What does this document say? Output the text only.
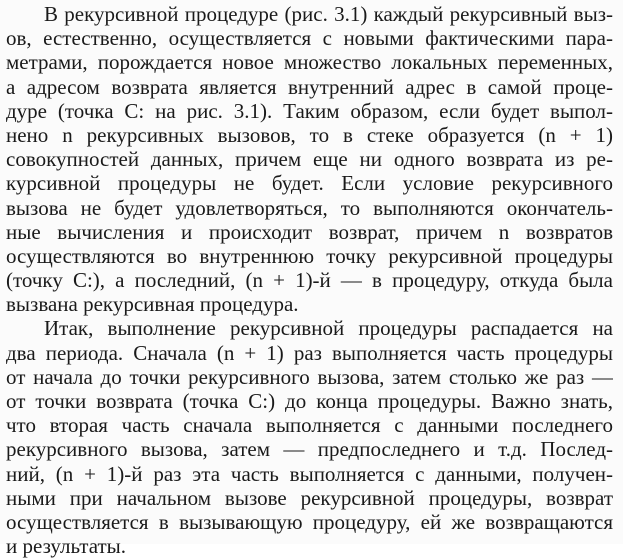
В рекурсивной процедуре (рис. 3.1) каждый рекурсивный выз-
ов, естественно, осуществляется с новыми фактическими пара-
метрами, порождается новое множество локальных переменных,
а адресом возврата является внутренний адрес в самой проце-
дуре (точка C: на рис. 3.1). Таким образом, если будет выпол-
нено n рекурсивных вызовов, то в стеке образуется (n + 1)
совокупностей данных, причем еще ни одного возврата из ре-
курсивной процедуры не будет. Если условие рекурсивного
вызова не будет удовлетворяться, то выполняются окончатель-
ные вычисления и происходит возврат, причем n возвратов
осуществляются во внутреннюю точку рекурсивной процедуры
(точку C:), а последний, (n + 1)-й — в процедуру, откуда была
вызвана рекурсивная процедура.
Итак, выполнение рекурсивной процедуры распадается на
два периода. Сначала (n + 1) раз выполняется часть процедуры
от начала до точки рекурсивного вызова, затем столько же раз —
от точки возврата (точка C:) до конца процедуры. Важно знать,
что вторая часть сначала выполняется с данными последнего
рекурсивного вызова, затем — предпоследнего и т.д. Послед-
ний, (n + 1)-й раз эта часть выполняется с данными, получен-
ными при начальном вызове рекурсивной процедуры, возврат
осуществляется в вызывающую процедуру, ей же возвращаются
и результаты.
